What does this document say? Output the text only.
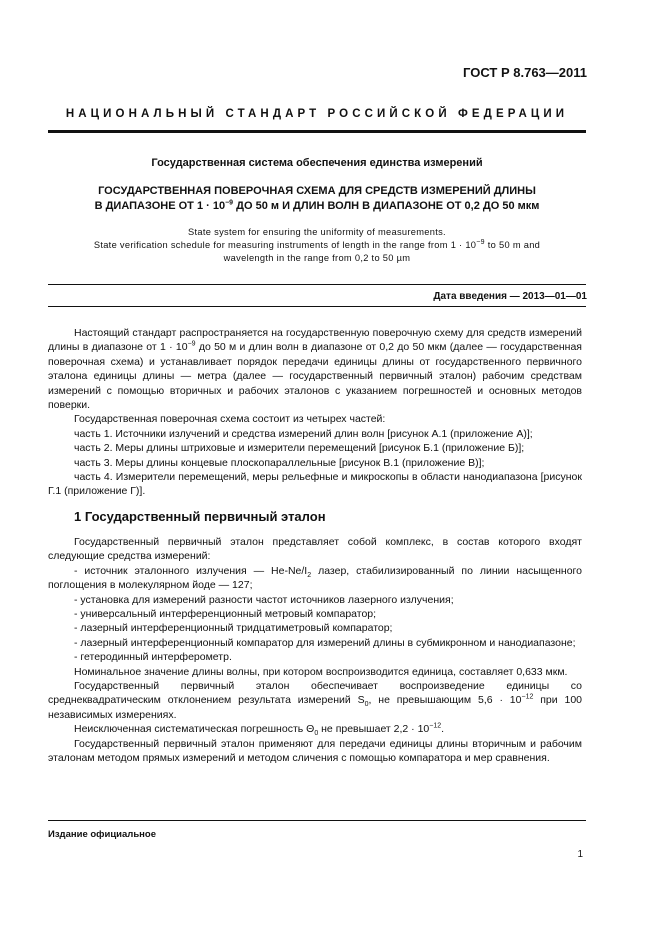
ГОСТ Р 8.763—2011
НАЦИОНАЛЬНЫЙ СТАНДАРТ РОССИЙСКОЙ ФЕДЕРАЦИИ
Государственная система обеспечения единства измерений
ГОСУДАРСТВЕННАЯ ПОВЕРОЧНАЯ СХЕМА ДЛЯ СРЕДСТВ ИЗМЕРЕНИЙ ДЛИНЫ
В ДИАПАЗОНЕ ОТ $1 \cdot 10^{-9}$ ДО 50 м И ДЛИН ВОЛН В ДИАПАЗОНЕ ОТ 0,2 ДО 50 мкм
State system for ensuring the uniformity of measurements.
State verification schedule for measuring instruments of length in the range from $1 \cdot 10^{-9}$ to 50 m and
wavelength in the range from 0,2 to 50 µm
Дата введения — 2013—01—01

Настоящий стандарт распространяется на государственную поверочную схему для средств измерений длины в диапазоне от $1 \cdot 10^{-9}$ до 50 м и длин волн в диапазоне от 0,2 до 50 мкм (далее — государственная поверочная схема) и устанавливает порядок передачи единицы длины от государственного первичного эталона единицы длины — метра (далее — государственный первичный эталон) рабочим средствам измерений с помощью вторичных и рабочих эталонов с указанием погрешностей и основных методов поверки.

Государственная поверочная схема состоит из четырех частей:

часть 1. Источники излучений и средства измерений длин волн [рисунок А.1 (приложение А)];

часть 2. Меры длины штриховые и измерители перемещений [рисунок Б.1 (приложение Б)];

часть 3. Меры длины концевые плоскопараллельные [рисунок В.1 (приложение В)];

часть 4. Измерители перемещений, меры рельефные и микроскопы в области нанодиапазона [рисунок Г.1 (приложение Г)].

1 Государственный первичный эталон

Государственный первичный эталон представляет собой комплекс, в состав которого входят следующие средства измерений:

- источник эталонного излучения — $He-Ne/I_2$ лазер, стабилизированный по линии насыщенного поглощения в молекулярном йоде — 127;

- установка для измерений разности частот источников лазерного излучения;

- универсальный интерференционный метровый компаратор;

- лазерный интерференционный тридцатиметровый компаратор;

- лазерный интерференционный компаратор для измерений длины в субмикронном и нанодиапазоне;

- гетеродинный интерферометр.

Номинальное значение длины волны, при котором воспроизводится единица, составляет 0,633 мкм.

Государственный первичный эталон обеспечивает воспроизведение единицы со среднеквадратическим отклонением результата измерений $S_0$, не превышающим $5,6 \cdot 10^{-12}$ при 100 независимых измерениях.

Неисключенная систематическая погрешность $\Theta_0$ не превышает $2,2 \cdot 10^{-12}$.

Государственный первичный эталон применяют для передачи единицы длины вторичным и рабочим эталонам методом прямых измерений и методом сличения с помощью компаратора и мер сравнения.

Издание официальное
1
